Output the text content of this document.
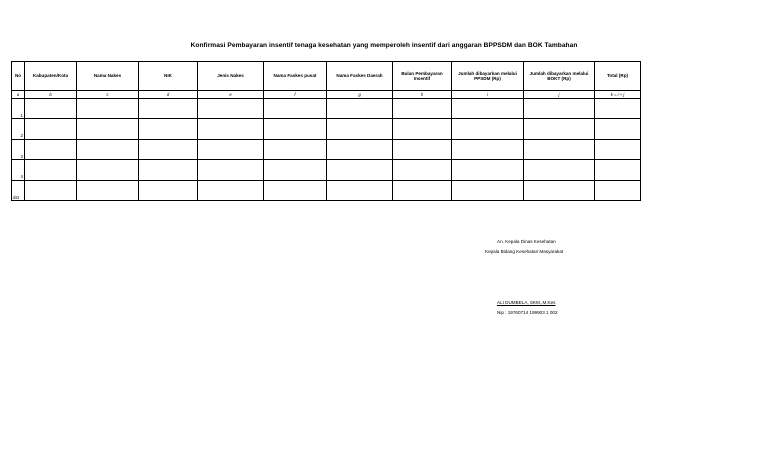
Konfirmasi Pembayaran insentif tenaga kesehatan yang memperoleh insentif dari anggaran BPPSDM dan BOK Tambahan
No	Kabupaten/Kota	Nama Nakes	NIK	Jenis Nakes	Nama Faskes pusat	Nama Faskes Daerah	Bulan Pembayaran Insentif	Jumlah dibayarkan melalui PPSDM (Rp)	Jumlah dibayarkan melalui BOKT (Rp)	Total (Rp)
a	b	c	d	e	f	g	h	i	j	k = i + j
1										
2										
3										
4										
dst										
An. Kepala Dinas Kesehatan
Kepala Bidang Kesehatan Masyarakat
ALI DUMBELA, SKM.,M.Kes
Nip : 19760714 199903 1 002
